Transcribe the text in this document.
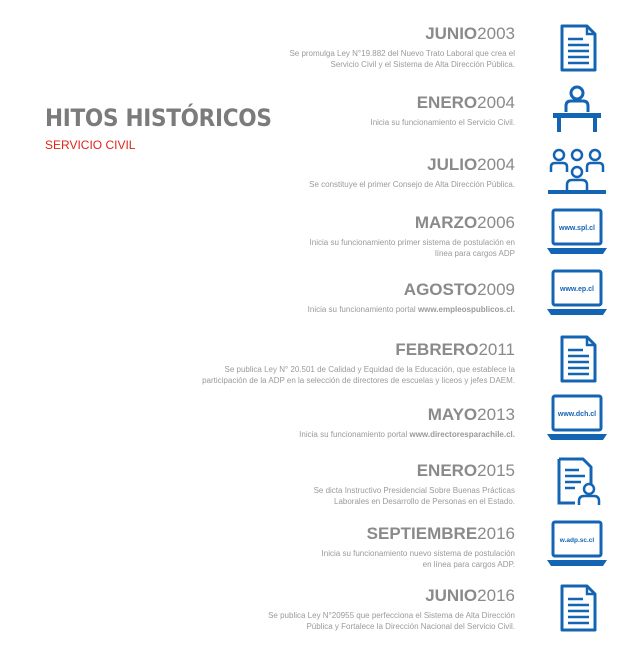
HITOS HISTÓRICOS
SERVICIO CIVIL
JUNIO2003

Se promulga Ley N°19.882 del Nuevo Trato Laboral que crea el

Servicio Civil y el Sistema de Alta Dirección Pública.

ENERO2004

Inicia su funcionamiento el Servicio Civil.

JULIO2004

Se constituye el primer Consejo de Alta Dirección Pública.

MARZO2006

Inicia su funcionamiento primer sistema de postulación en

línea para cargos ADP

www.spl.cl
AGOSTO2009

Inicia su funcionamiento portal www.empleospublicos.cl.

www.ep.cl
FEBRERO2011

Se publica Ley N° 20.501 de Calidad y Equidad de la Educación, que establece la

participación de la ADP en la selección de directores de escuelas y liceos y jefes DAEM.

MAYO2013

Inicia su funcionamiento portal www.directoresparachile.cl.

www.dch.cl
ENERO2015

Se dicta Instructivo Presidencial Sobre Buenas Prácticas

Laborales en Desarrollo de Personas en el Estado.

SEPTIEMBRE2016

Inicia su funcionamiento nuevo sistema de postulación

en línea para cargos ADP.

w.adp.sc.cl
JUNIO2016

Se publica Ley N°20955 que perfecciona el Sistema de Alta Dirección

Pública y Fortalece la Dirección Nacional del Servicio Civil.
